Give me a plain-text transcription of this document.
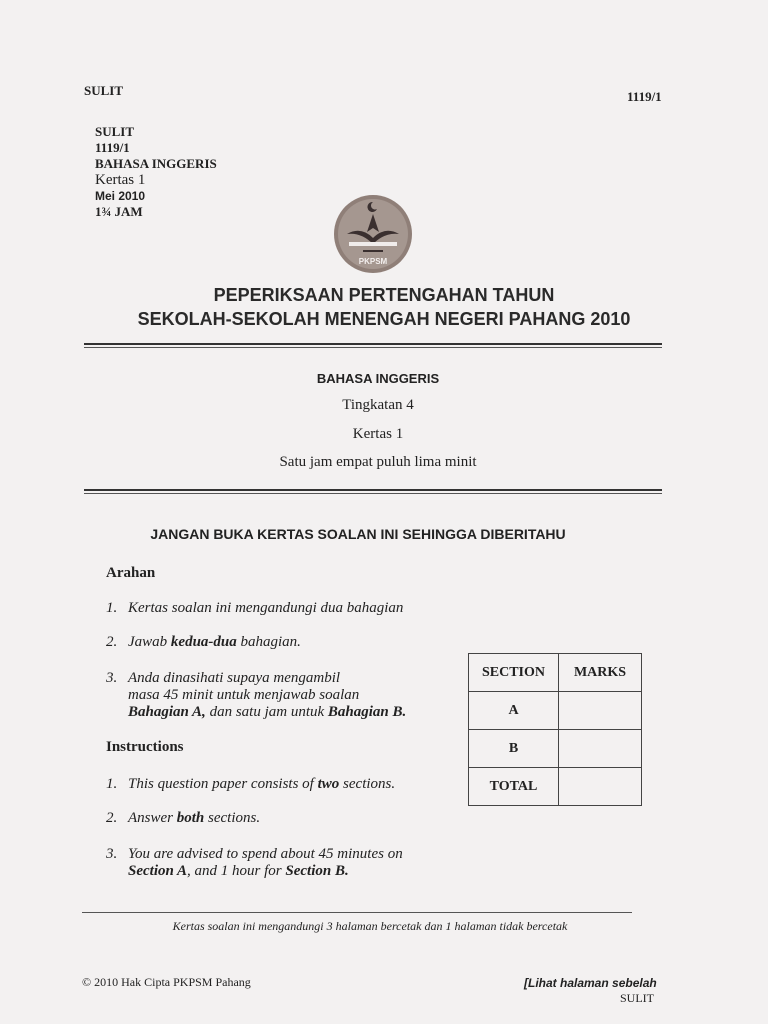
SULIT	1119/1
SULIT
1119/1
BAHASA INGGERIS
Kertas 1
Mei 2010
1¾ JAM
PKPSM
PEPERIKSAAN PERTENGAHAN TAHUN
SEKOLAH-SEKOLAH MENENGAH NEGERI PAHANG 2010
BAHASA INGGERIS
Tingkatan 4
Kertas 1
Satu jam empat puluh lima minit
JANGAN BUKA KERTAS SOALAN INI SEHINGGA DIBERITAHU
Arahan
1. Kertas soalan ini mengandungi dua bahagian
2. Jawab kedua-dua bahagian.
3. Anda dinasihati supaya mengambil
masa 45 minit untuk menjawab soalan
Bahagian A, dan satu jam untuk Bahagian B.
Instructions
1. This question paper consists of two sections.
2. Answer both sections.
3. You are advised to spend about 45 minutes on
Section A, and 1 hour for Section B.
SECTION	MARKS
A	
B	
TOTAL	
Kertas soalan ini mengandungi 3 halaman bercetak dan 1 halaman tidak bercetak
© 2010 Hak Cipta PKPSM Pahang	[Lihat halaman sebelah
SULIT
